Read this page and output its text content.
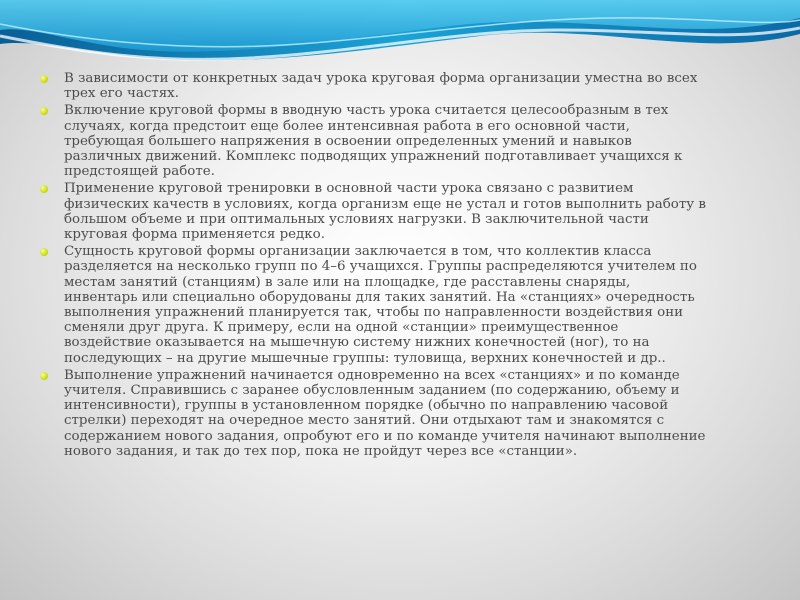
В зависимости от конкретных задач урока круговая форма организации уместна во всех трех его частях.
Включение круговой формы в вводную часть урока считается целесообразным в тех случаях, когда предстоит еще более интенсивная работа в его основной части, требующая большего напряжения в освоении определенных умений и навыков различных движений. Комплекс подводящих упражнений подготавливает учащихся к предстоящей работе.
Применение круговой тренировки в основной части урока связано с развитием физических качеств в условиях, когда организм еще не устал и готов выполнить работу в большом объеме и при оптимальных условиях нагрузки. В заключительной части круговая форма применяется редко.
Сущность круговой формы организации заключается в том, что коллектив класса разделяется на несколько групп по 4–6 учащихся. Группы распределяются учителем по местам занятий (станциям) в зале или на площадке, где расставлены снаряды, инвентарь или специально оборудованы для таких занятий. На «станциях» очередность выполнения упражнений планируется так, чтобы по направленности воздействия они сменяли друг друга. К примеру, если на одной «станции» преимущественное воздействие оказывается на мышечную систему нижних конечностей (ног), то на последующих – на другие мышечные группы: туловища, верхних конечностей и др..
Выполнение упражнений начинается одновременно на всех «станциях» и по команде учителя. Справившись с заранее обусловленным заданием (по содержанию, объему и интенсивности), группы в установленном порядке (обычно по направлению часовой стрелки) переходят на очередное место занятий. Они отдыхают там и знакомятся с содержанием нового задания, опробуют его и по команде учителя начинают выполнение нового задания, и так до тех пор, пока не пройдут через все «станции».
